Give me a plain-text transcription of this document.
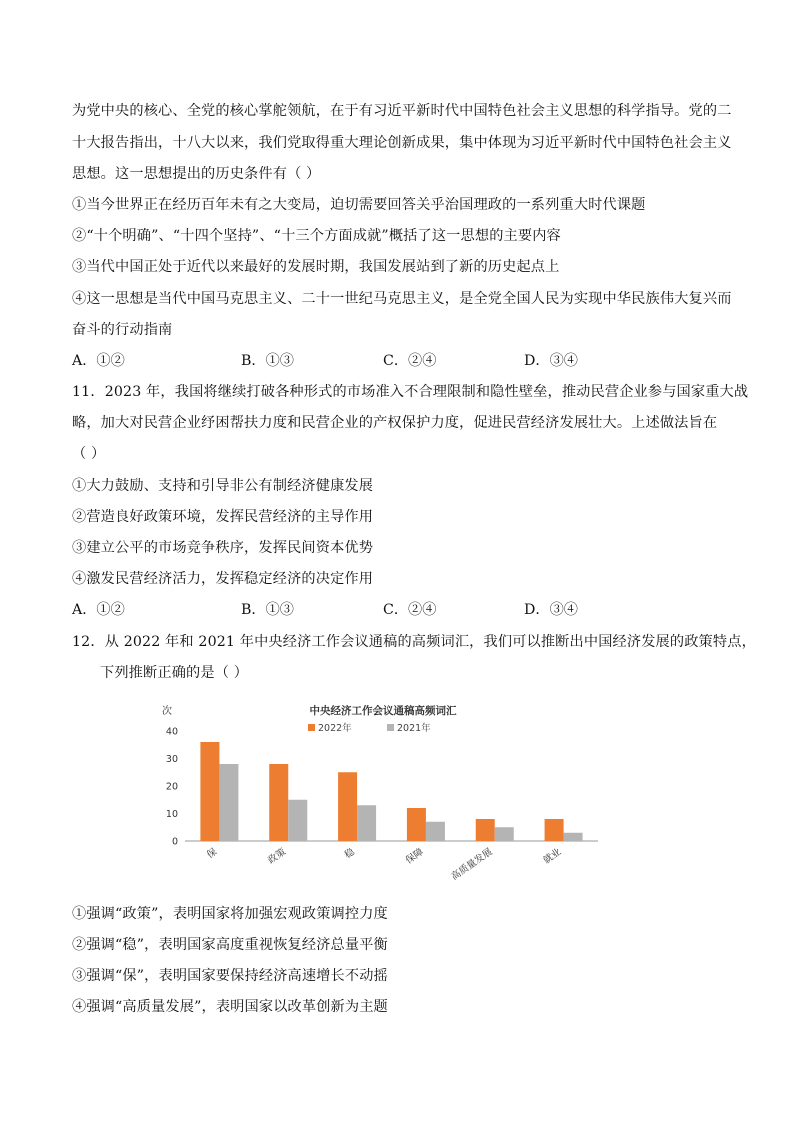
为党中央的核心、全党的核心掌舵领航，在于有习近平新时代中国特色社会主义思想的科学指导。党的二
十大报告指出，十八大以来，我们党取得重大理论创新成果，集中体现为习近平新时代中国特色社会主义
思想。这一思想提出的历史条件有（ ）
①当今世界正在经历百年未有之大变局，迫切需要回答关乎治国理政的一系列重大时代课题
②“十个明确”、“十四个坚持”、“十三个方面成就”概括了这一思想的主要内容
③当代中国正处于近代以来最好的发展时期，我国发展站到了新的历史起点上
④这一思想是当代中国马克思主义、二十一世纪马克思主义，是全党全国人民为实现中华民族伟大复兴而
奋斗的行动指南
A．①②	B．①③	C．②④	D．③④
11．2023 年，我国将继续打破各种形式的市场准入不合理限制和隐性壁垒，推动民营企业参与国家重大战
略，加大对民营企业纾困帮扶力度和民营企业的产权保护力度，促进民营经济发展壮大。上述做法旨在
（ ）
①大力鼓励、支持和引导非公有制经济健康发展
②营造良好政策环境，发挥民营经济的主导作用
③建立公平的市场竞争秩序，发挥民间资本优势
④激发民营经济活力，发挥稳定经济的决定作用
A．①②	B．①③	C．②④	D．③④
12．从 2022 年和 2021 年中央经济工作会议通稿的高频词汇，我们可以推断出中国经济发展的政策特点，
下列推断正确的是（ ）
中央经济工作会议通稿高频词汇
次
2022年	2021年
0
10
20
30
40
保	政策	稳	保障 高质量发展	就业
①强调“政策”，表明国家将加强宏观政策调控力度
②强调“稳”，表明国家高度重视恢复经济总量平衡
③强调“保”，表明国家要保持经济高速增长不动摇
④强调“高质量发展”，表明国家以改革创新为主题
